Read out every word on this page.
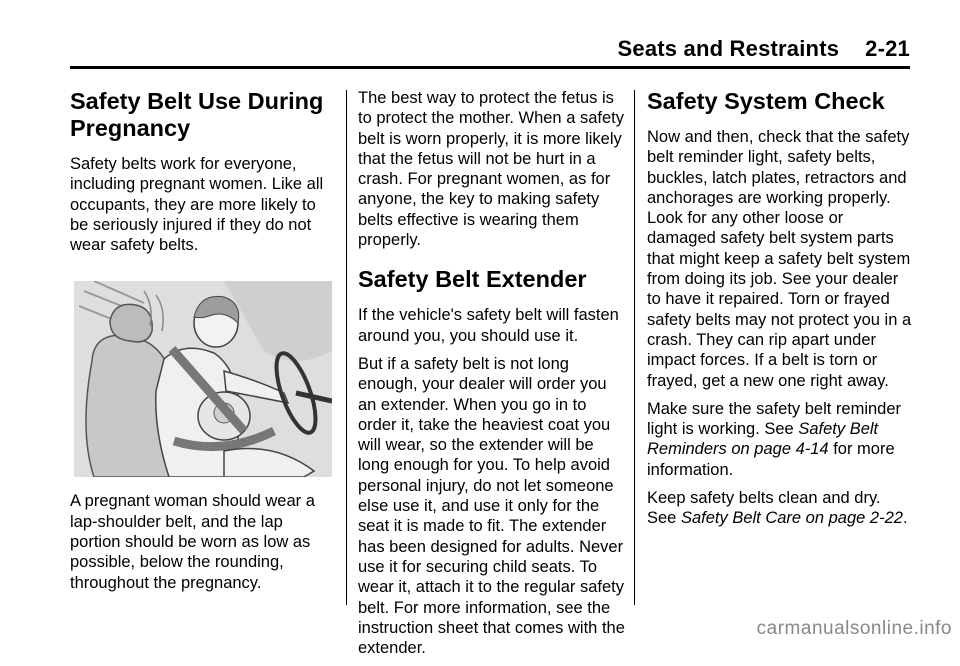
Seats and Restraints 2-21
Safety Belt Use During Pregnancy

Safety belts work for everyone, including pregnant women. Like all occupants, they are more likely to be seriously injured if they do not wear safety belts.

A pregnant woman should wear a lap-shoulder belt, and the lap portion should be worn as low as possible, below the rounding, throughout the pregnancy.

The best way to protect the fetus is to protect the mother. When a safety belt is worn properly, it is more likely that the fetus will not be hurt in a crash. For pregnant women, as for anyone, the key to making safety belts effective is wearing them properly.

Safety Belt Extender

If the vehicle's safety belt will fasten around you, you should use it.

But if a safety belt is not long enough, your dealer will order you an extender. When you go in to order it, take the heaviest coat you will wear, so the extender will be long enough for you. To help avoid personal injury, do not let someone else use it, and use it only for the seat it is made to fit. The extender has been designed for adults. Never use it for securing child seats. To wear it, attach it to the regular safety belt. For more information, see the instruction sheet that comes with the extender.

Safety System Check

Now and then, check that the safety belt reminder light, safety belts, buckles, latch plates, retractors and anchorages are working properly. Look for any other loose or damaged safety belt system parts that might keep a safety belt system from doing its job. See your dealer to have it repaired. Torn or frayed safety belts may not protect you in a crash. They can rip apart under impact forces. If a belt is torn or frayed, get a new one right away.

Make sure the safety belt reminder light is working. See Safety Belt Reminders on page 4-14 for more information.

Keep safety belts clean and dry. See Safety Belt Care on page 2-22.

carmanualsonline.info
